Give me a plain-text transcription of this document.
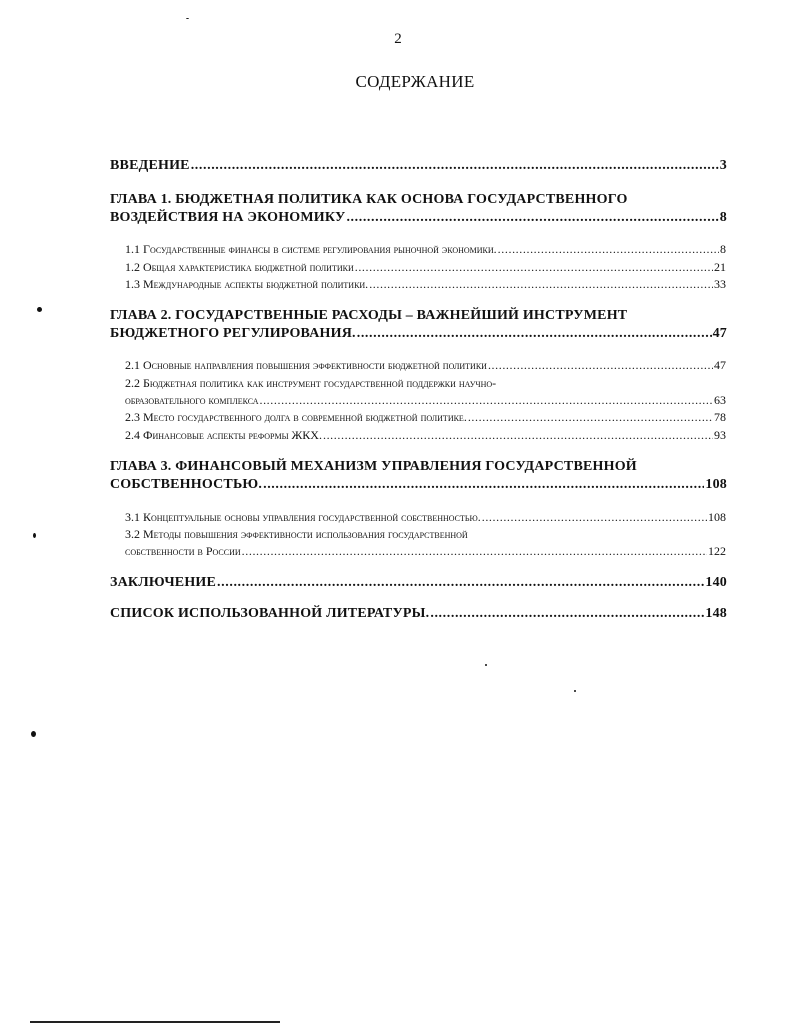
2
СОДЕРЖАНИЕ
ВВЕДЕНИЕ .....	3
ГЛАВА 1. БЮДЖЕТНАЯ ПОЛИТИКА КАК ОСНОВА ГОСУДАРСТВЕННОГО
ВОЗДЕЙСТВИЯ НА ЭКОНОМИКУ .....	8
1.1 Государственные финансы в системе регулирования рыночной экономики. .....	8
1.2 Общая характеристика бюджетной политики .....	21
1.3 Международные аспекты бюджетной политики. .....	33
ГЛАВА 2. ГОСУДАРСТВЕННЫЕ РАСХОДЫ – ВАЖНЕЙШИЙ ИНСТРУМЕНТ
БЮДЖЕТНОГО РЕГУЛИРОВАНИЯ. .....	47
2.1 Основные направления повышения эффективности бюджетной политики .....	47
2.2 Бюджетная политика как инструмент государственной поддержки научно-
образовательного комплекса .....	63
2.3 Место государственного долга в современной бюджетной политике. .....	78
2.4 Финансовые аспекты реформы ЖКХ. .....	93
ГЛАВА 3. ФИНАНСОВЫЙ МЕХАНИЗМ УПРАВЛЕНИЯ ГОСУДАРСТВЕННОЙ
СОБСТВЕННОСТЬЮ. .....	108
3.1 Концептуальные основы управления государственной собственностью. .....	108
3.2 Методы повышения эффективности использования государственной
собственности в России .....	122
ЗАКЛЮЧЕНИЕ .....	140
СПИСОК ИСПОЛЬЗОВАННОЙ ЛИТЕРАТУРЫ. .....	148
